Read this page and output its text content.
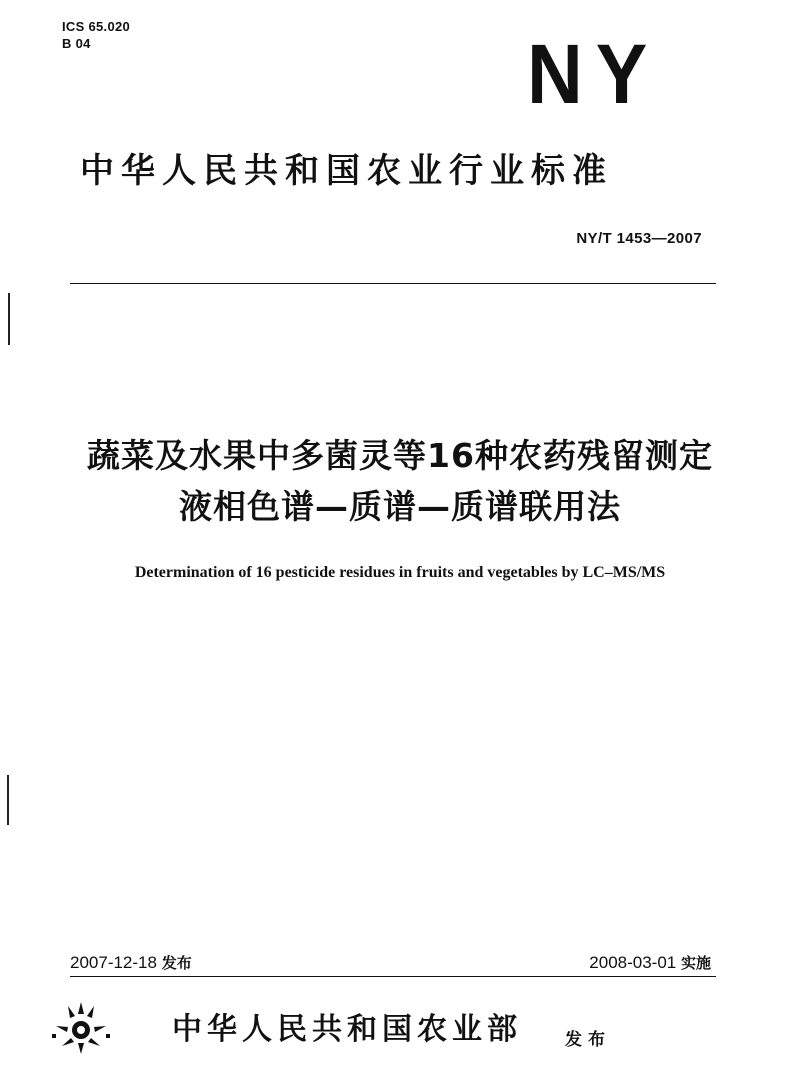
ICS 65.020
B 04	NY
中华人民共和国农业行业标准
NY/T 1453—2007
蔬菜及水果中多菌灵等16种农药残留测定
液相色谱—质谱—质谱联用法
Determination of 16 pesticide residues in fruits and vegetables by LC–MS/MS
2007-12-18 发布	2008-03-01 实施
中华人民共和国农业部	发布
